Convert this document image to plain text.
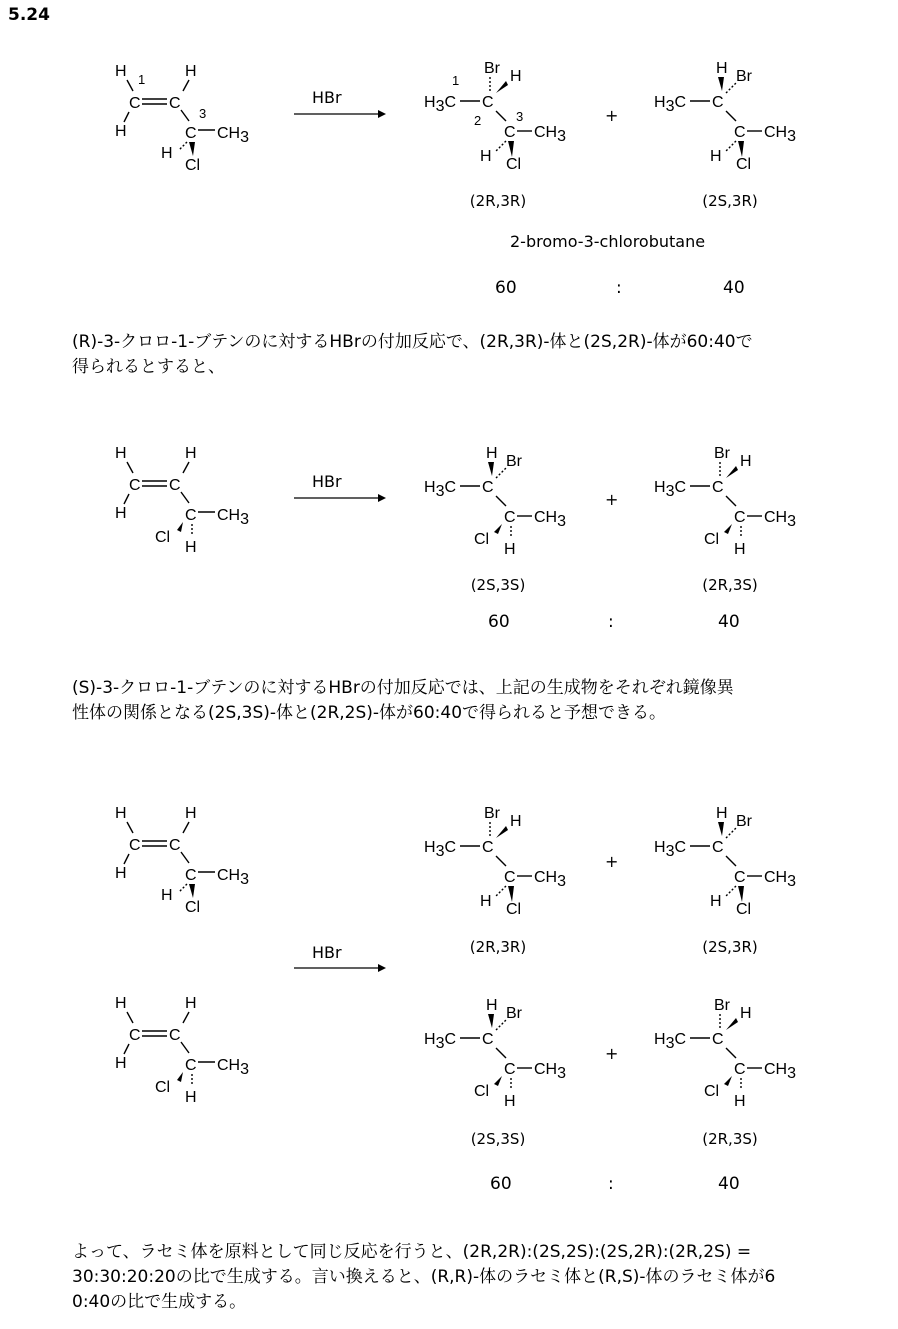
5.24
H 1 H
H
C C
3
C CH3
Cl
H
HBr
Br H
1
H3C C
2	3
C CH3
Cl
H
+
H Br
H3C C
C CH3
Cl
H
(2R,3R)	(2S,3R)
2-bromo-3-chlorobutane
60	:	40
(R)-3-クロロ-1-ブテンのに対するHBrの付加反応で、(2R,3R)-体と(2S,2R)-体が60:40で
得られるとすると、
H	H
H
C C
C CH3
H
Cl
HBr
H Br
H3C C
C CH3
H
Cl
+
Br H
H3C C
C CH3
H
Cl
(2S,3S)	(2R,3S)
60	:	40
(S)-3-クロロ-1-ブテンのに対するHBrの付加反応では、上記の生成物をそれぞれ鏡像異
性体の関係となる(2S,3S)-体と(2R,2S)-体が60:40で得られると予想できる。
H	H
H
C C
C CH3
Cl
H
H	H
H
C C
C CH3
H
Cl
HBr
Br H
H3C C
C CH3
Cl
H
+
H Br
H3C C
C CH3
Cl
H
(2R,3R)	(2S,3R)
H Br
H3C C
C CH3
H
Cl
+
Br H
H3C C
C CH3
H
Cl
(2S,3S)	(2R,3S)
60	:	40
よって、ラセミ体を原料として同じ反応を行うと、(2R,2R):(2S,2S):(2S,2R):(2R,2S) =
30:30:20:20の比で生成する。言い換えると、(R,R)-体のラセミ体と(R,S)-体のラセミ体が6
0:40の比で生成する。
